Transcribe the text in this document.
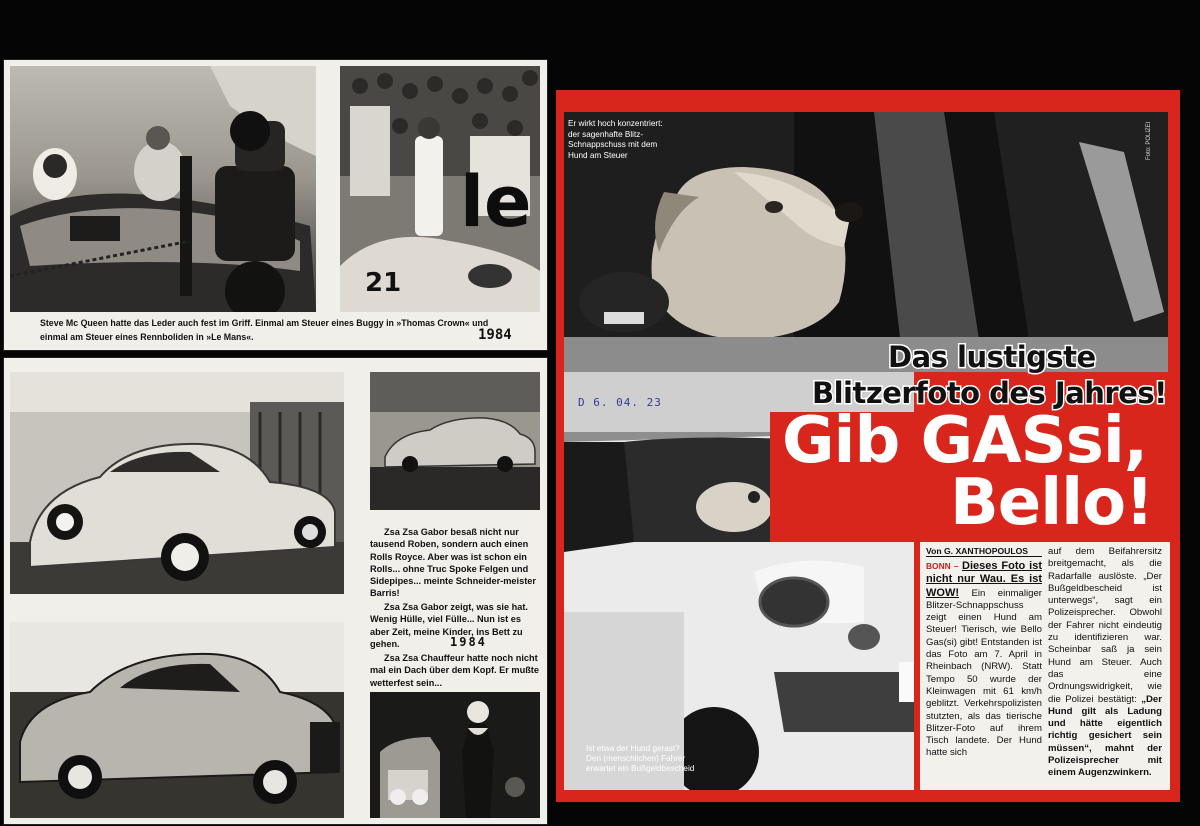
le
21
Steve Mc Queen hatte das Leder auch fest im Griff. Einmal am Steuer eines Buggy in »Thomas Crown« und
einmal am Steuer eines Rennboliden in »Le Mans«.	1984
Zsa Zsa Gabor besaß nicht nur tausend Roben, sondern auch einen Rolls Royce. Aber was ist schon ein Rolls... ohne Truc Spoke Felgen und Sidepipes... meinte Schneider-meister Barris!
Zsa Zsa Gabor zeigt, was sie hat. Wenig Hülle, viel Fülle... Nun ist es aber Zeit, meine Kinder, ins Bett zu gehen.	1984
Zsa Zsa Chauffeur hatte noch nicht mal ein Dach über dem Kopf. Er mußte wetterfest sein...
Er wirkt hoch konzentriert: der sagenhafte Blitz-Schnappschuss mit dem Hund am Steuer	Foto: POLIZEI
Ist etwa der Hund gerast? Den (menschlichen) Fahrer erwartet ein Bußgeldbescheid
D 6. 04. 23
Das lustigste
Blitzerfoto des Jahres!
Gib GASsi,
Bello!
Von G. XANTHOPOULOS
BONN – Dieses Foto ist nicht nur Wau. Es ist WOW! Ein einmaliger Blitzer-Schnappschuss zeigt einen Hund am Steuer! Tierisch, wie Bello Gas(si) gibt! Entstanden ist das Foto am 7. April in Rheinbach (NRW). Statt Tempo 50 wurde der Kleinwagen mit 61 km/h geblitzt. Verkehrspolizisten stutzten, als das tierische Blitzer-Foto auf ihrem Tisch landete. Der Hund hatte sich
auf dem Beifahrersitz breitgemacht, als die Radarfalle auslöste. „Der Bußgeldbescheid ist unterwegs“, sagt ein Polizeisprecher. Obwohl der Fahrer nicht eindeutig zu identifizieren war. Scheinbar saß ja sein Hund am Steuer. Auch das eine Ordnungswidrigkeit, wie die Polizei bestätigt: „Der Hund gilt als Ladung und hätte eigentlich richtig gesichert sein müssen“, mahnt der Polizeisprecher mit einem Augenzwinkern.
